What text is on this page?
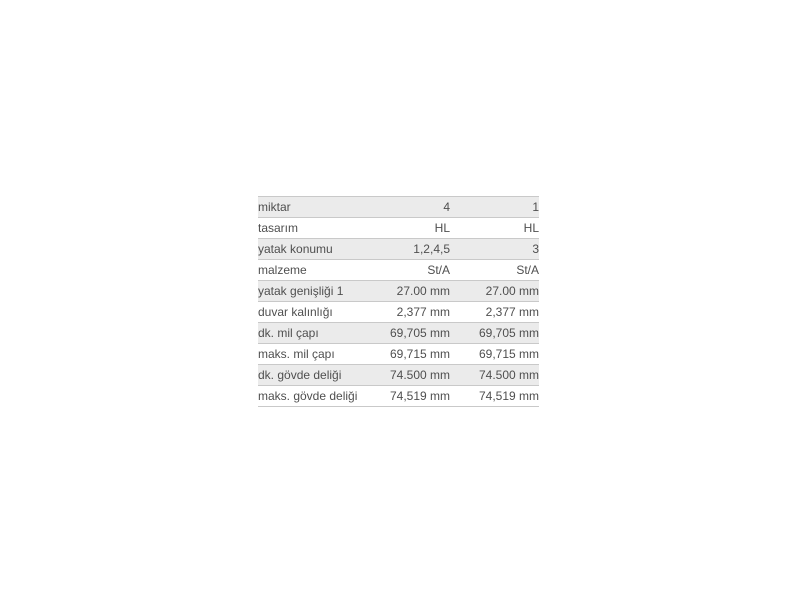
miktar	4	1
tasarım	HL	HL
yatak konumu	1,2,4,5	3
malzeme	St/A	St/A
yatak genişliği 1	27.00 mm	27.00 mm
duvar kalınlığı	2,377 mm	2,377 mm
dk. mil çapı	69,705 mm	69,705 mm
maks. mil çapı	69,715 mm	69,715 mm
dk. gövde deliği	74.500 mm	74.500 mm
maks. gövde deliği	74,519 mm	74,519 mm
